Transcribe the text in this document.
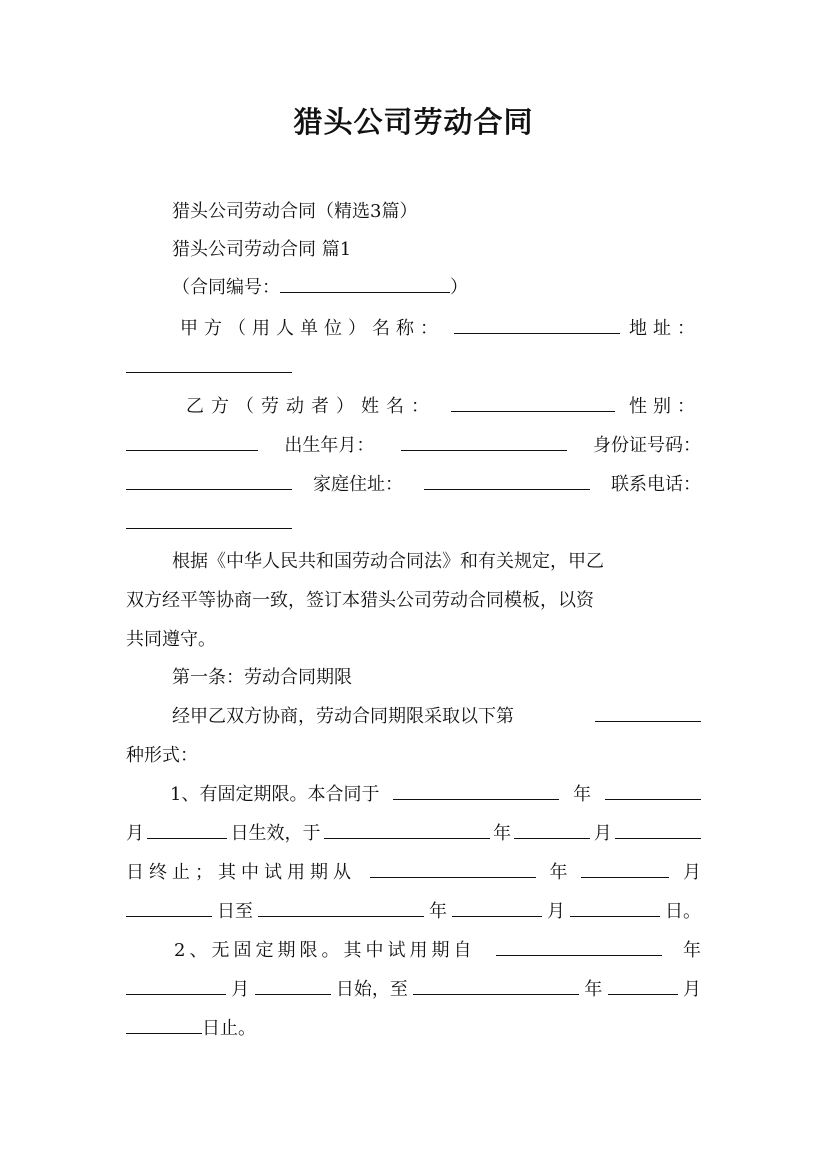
猎头公司劳动合同
猎头公司劳动合同（精选3篇）
猎头公司劳动合同 篇1
（合同编号：	）
甲方（用人单位）名称：	地址：
乙方（劳动者）姓名：	性别：
出生年月：	身份证号码：
家庭住址：	联系电话：
根据《中华人民共和国劳动合同法》和有关规定，甲乙
双方经平等协商一致，签订本猎头公司劳动合同模板，以资
共同遵守。
第一条：劳动合同期限
经甲乙双方协商，劳动合同期限采取以下第
种形式：
1、有固定期限。本合同于	年
月	日生效，于	年	月
日终止；其中试用期从	年	月
日至	年	月	日。
2、无固定期限。其中试用期自	年
月	日始，至	年	月
日止。
